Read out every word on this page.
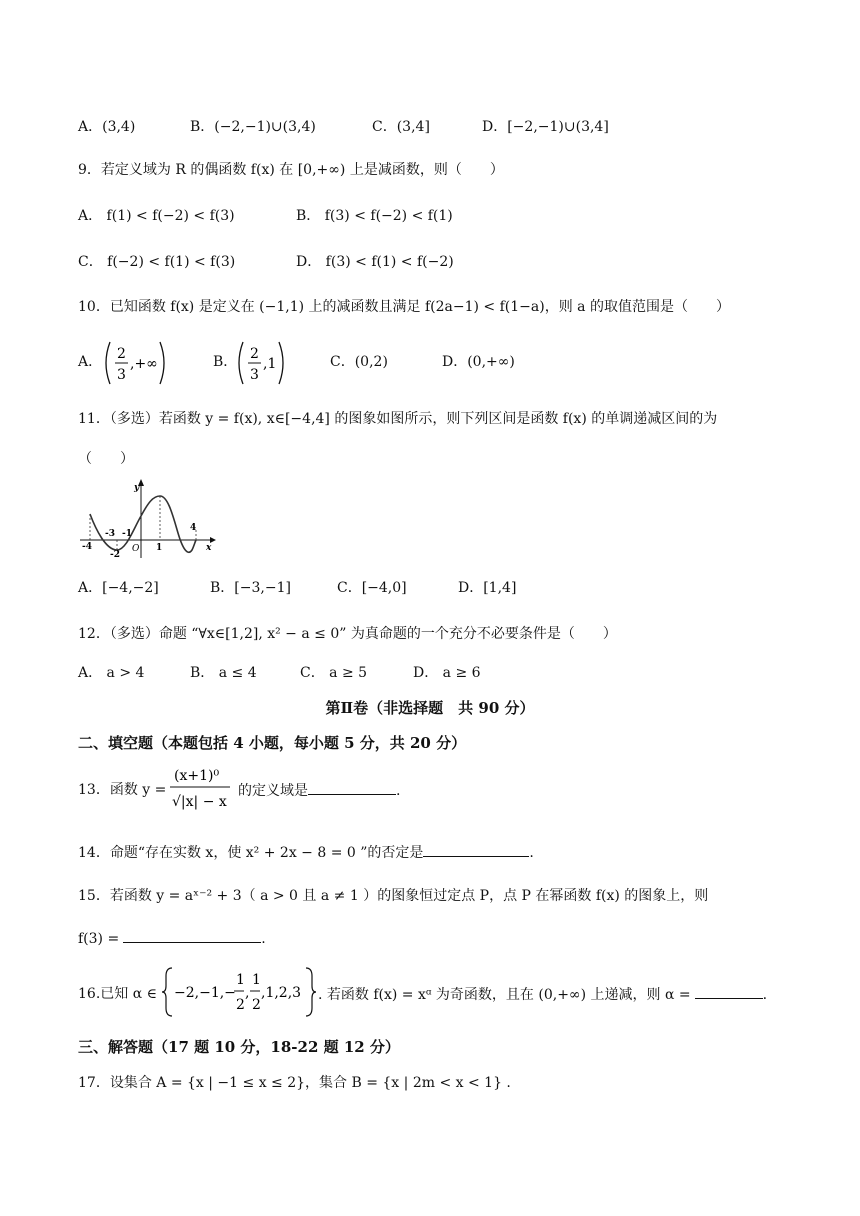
A．(3,4)	B．(−2,−1)∪(3,4)	C．(3,4]	D．[−2,−1)∪(3,4]
9．若定义域为 R 的偶函数 f(x) 在 [0,+∞) 上是减函数，则（　　）
A． f(1) < f(−2) < f(3)	B． f(3) < f(−2) < f(1)
C． f(−2) < f(1) < f(3)	D． f(3) < f(1) < f(−2)
10．已知函数 f(x) 是定义在 (−1,1) 上的减函数且满足 f(2a−1) < f(1−a)，则 a 的取值范围是（　　）
A． 2
3
,+∞	B． 2
3
,1	C．(0,2)	D．(0,+∞)
11．（多选）若函数 y = f(x), x∈[−4,4] 的图象如图所示，则下列区间是函数 f(x) 的单调递减区间的为
（　　）
y
x
O
-4
-3
-2
-1
1
4
A．[−4,−2]	B．[−3,−1]	C．[−4,0]	D．[1,4]
12．（多选）命题 “∀x∈[1,2], x² − a ≤ 0” 为真命题的一个充分不必要条件是（　　）
A． a > 4	B． a ≤ 4	C． a ≥ 5	D． a ≥ 6
第Ⅱ卷（非选择题　共 90 分）
二、填空题（本题包括 4 小题，每小题 5 分，共 20 分）
13．函数 y =
(x+1)⁰
√|x| − x
的定义域是	.
14．命题“存在实数 x，使 x² + 2x − 8 = 0 ”的否定是	.
15．若函数 y = aˣ⁻² + 3（ a > 0 且 a ≠ 1 ）的图象恒过定点 P，点 P 在幂函数 f(x) 的图象上，则
f(3) =	.
16.已知 α ∈ −2,−1,−
1
2
,
1
2
,1,2,3 . 若函数 f(x) = xᵅ 为奇函数，且在 (0,+∞) 上递减，则 α =	.
三、解答题（17 题 10 分，18-22 题 12 分）
17．设集合 A = {x | −1 ≤ x ≤ 2}，集合 B = {x | 2m < x < 1} .
